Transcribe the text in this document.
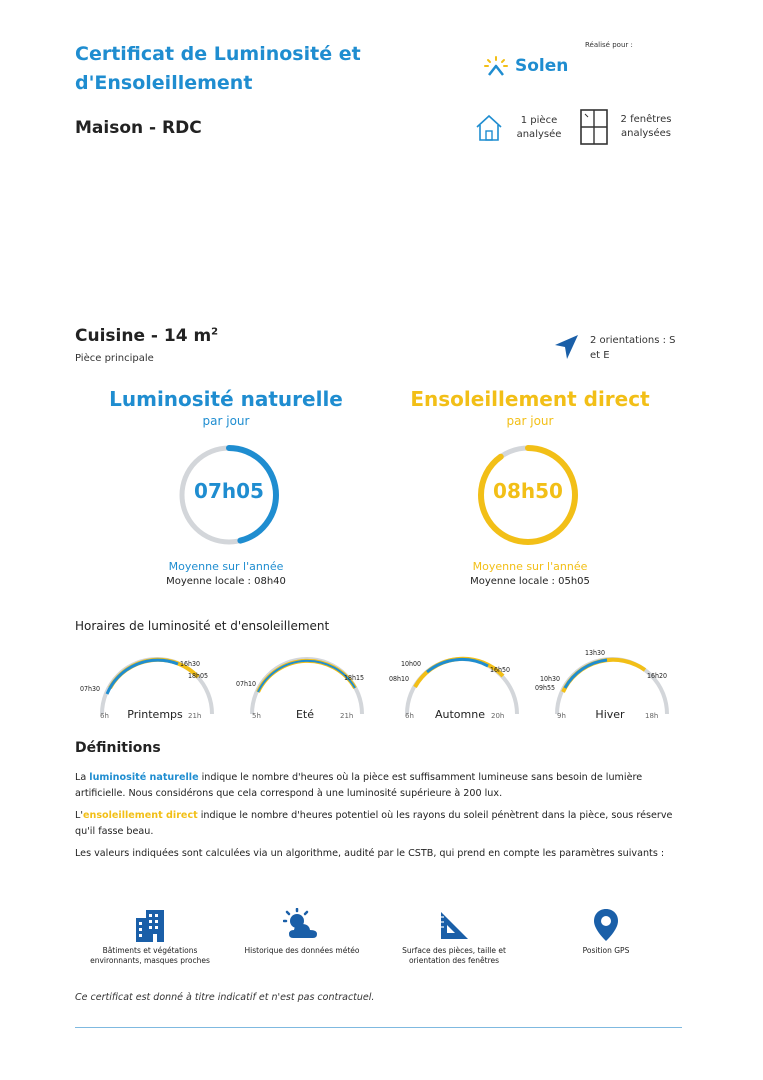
Certificat de Luminosité et d'Ensoleillement
Maison - RDC
Réalisé pour :
Solen
1 pièce analysée
2 fenêtres analysées
Cuisine - 14 $m^2$
Pièce principale
2 orientations : S et E
Luminosité naturelle
par jour
07h05
Moyenne sur l'année
Moyenne locale : 08h40
Ensoleillement direct
par jour
08h50
Moyenne sur l'année
Moyenne locale : 05h05
Horaires de luminosité et d'ensoleillement
07h30
16h30
18h05
6h	21h
Printemps
07h10
18h15
5h	21h
Eté
10h00
08h10
16h50
6h	20h
Automne
13h30
10h30
09h55
16h20
9h	18h
Hiver
Définitions
La luminosité naturelle indique le nombre d'heures où la pièce est suffisamment lumineuse sans besoin de lumière artificielle. Nous considérons que cela correspond à une luminosité supérieure à 200 lux.
L'ensoleillement direct indique le nombre d'heures potentiel où les rayons du soleil pénètrent dans la pièce, sous réserve qu'il fasse beau.
Les valeurs indiquées sont calculées via un algorithme, audité par le CSTB, qui prend en compte les paramètres suivants :
Bâtiments et végétations environnants, masques proches
Historique des données météo	Surface des pièces, taille et orientation des fenêtres
Position GPS
Ce certificat est donné à titre indicatif et n'est pas contractuel.
